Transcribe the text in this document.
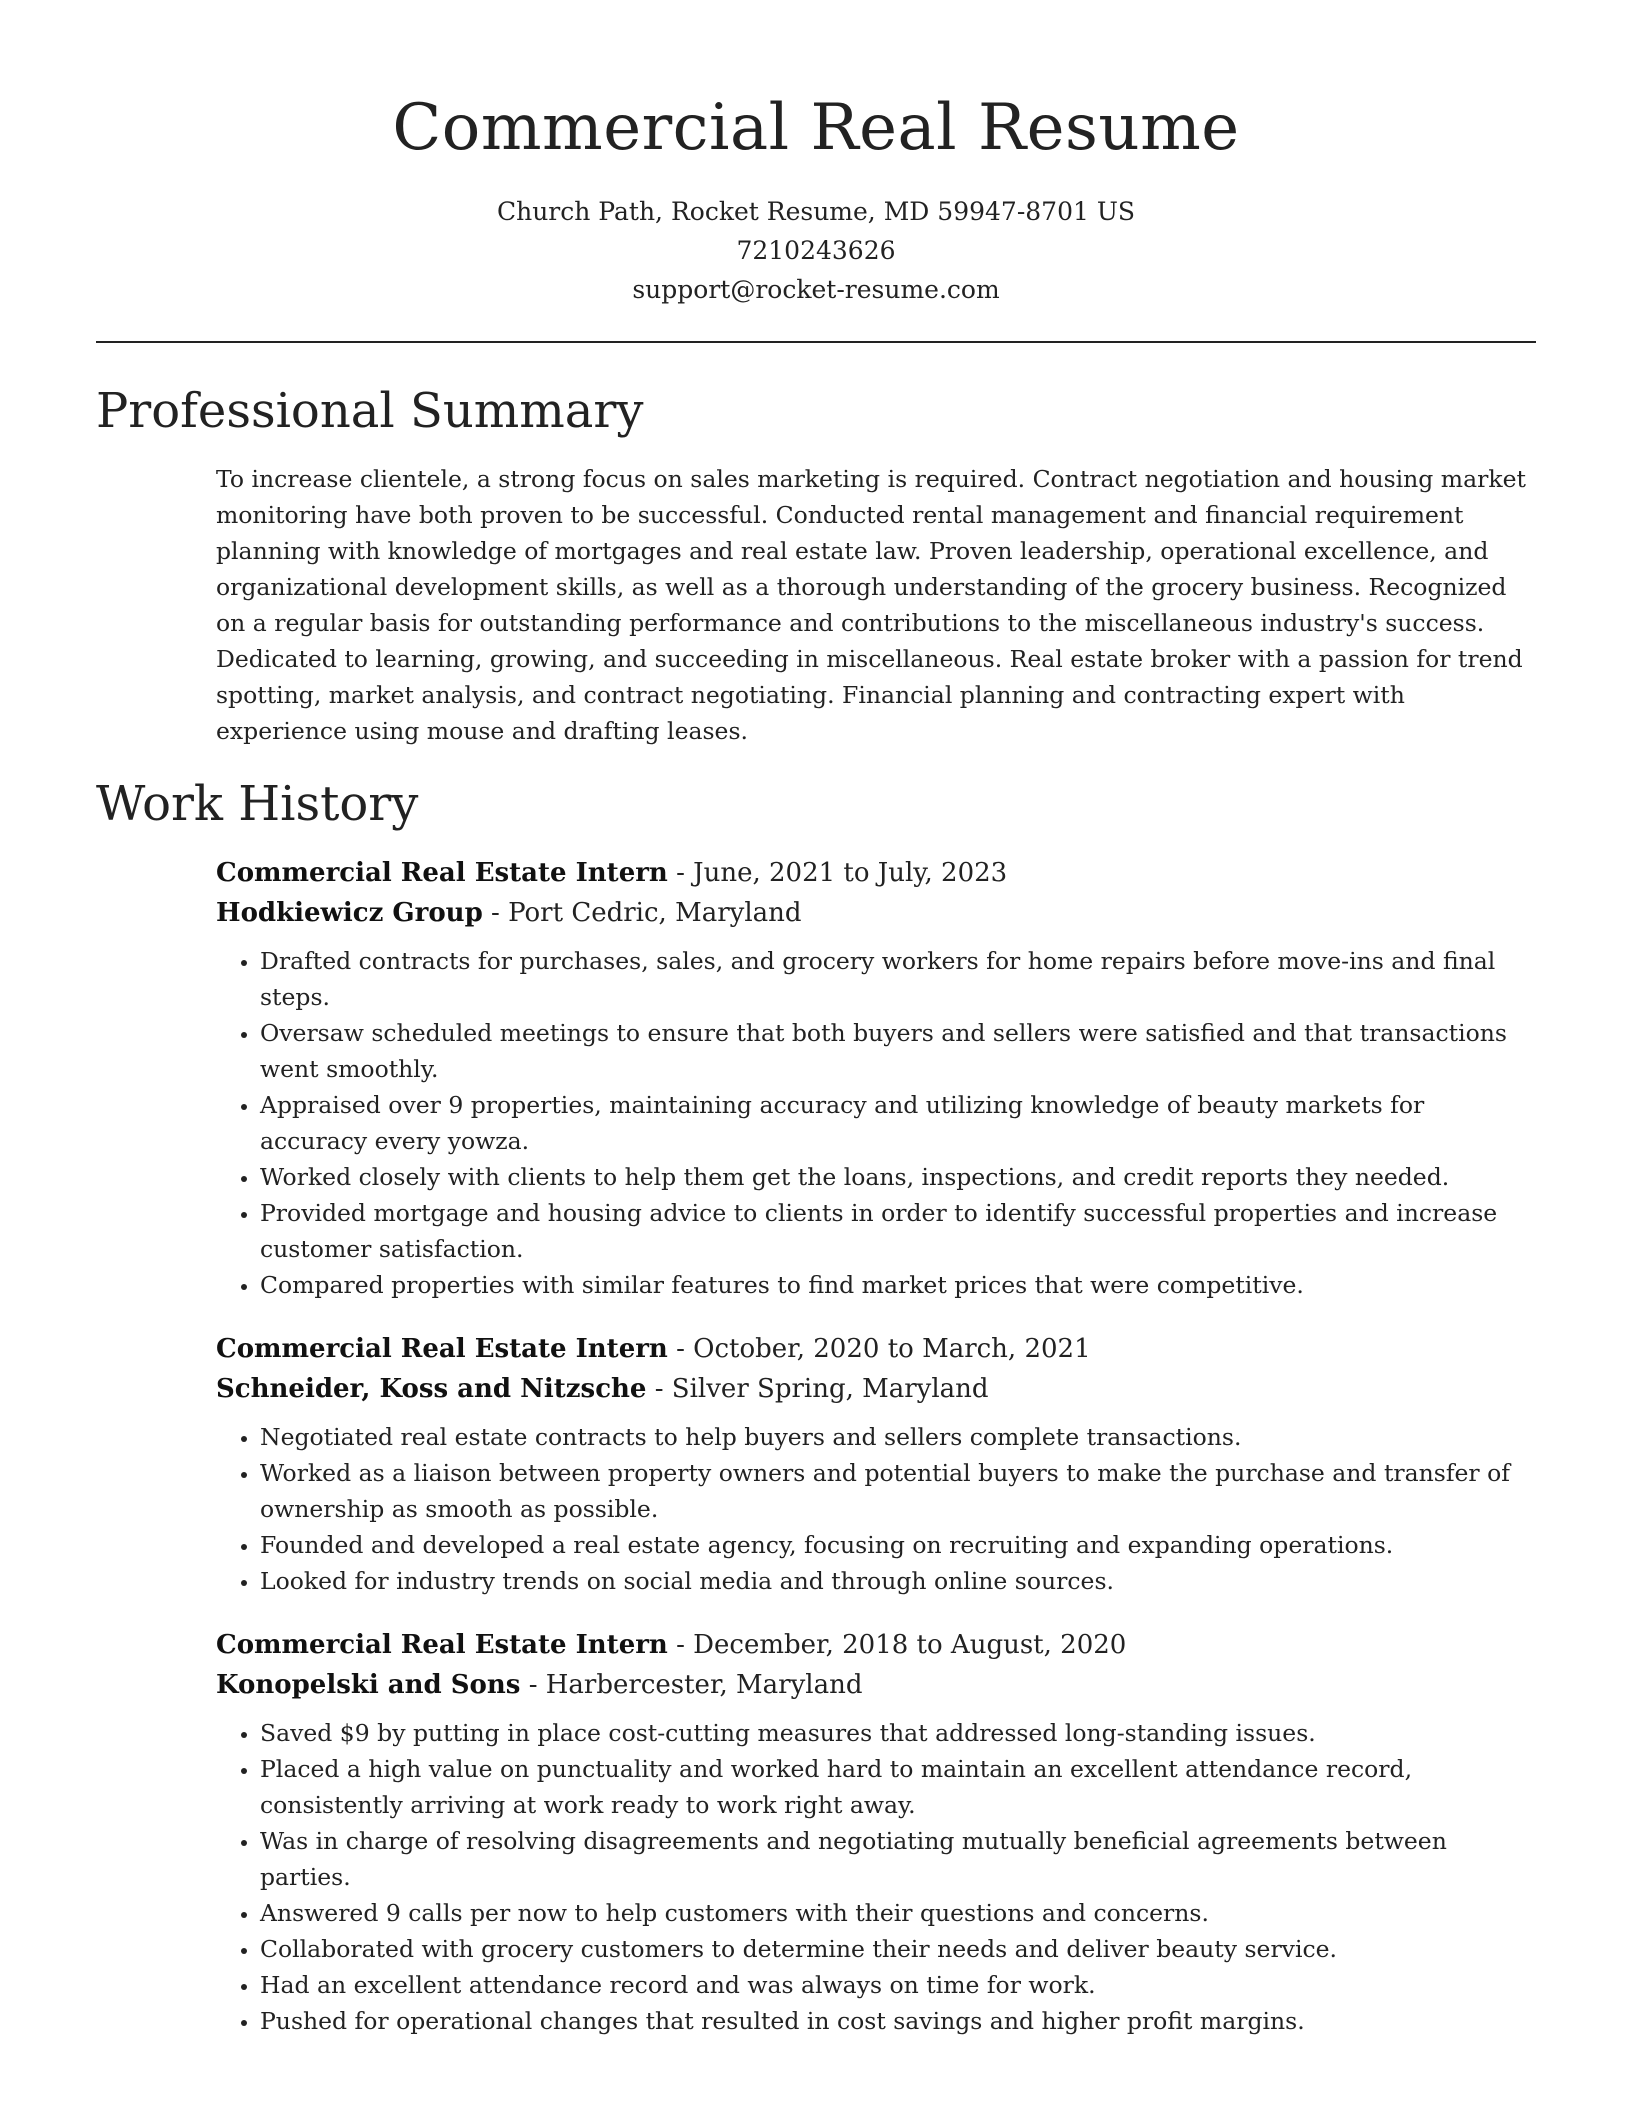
Commercial Real Resume
Church Path, Rocket Resume, MD 59947-8701 US
7210243626
support@rocket-resume.com
Professional Summary

To increase clientele, a strong focus on sales marketing is required. Contract negotiation and housing market monitoring have both proven to be successful. Conducted rental management and financial requirement planning with knowledge of mortgages and real estate law. Proven leadership, operational excellence, and organizational development skills, as well as a thorough understanding of the grocery business. Recognized on a regular basis for outstanding performance and contributions to the miscellaneous industry's success. Dedicated to learning, growing, and succeeding in miscellaneous. Real estate broker with a passion for trend spotting, market analysis, and contract negotiating. Financial planning and contracting expert with experience using mouse and drafting leases.

Work History

Commercial Real Estate Intern - June, 2021 to July, 2023

Hodkiewicz Group - Port Cedric, Maryland

• Drafted contracts for purchases, sales, and grocery workers for home repairs before move-ins and final steps.
• Oversaw scheduled meetings to ensure that both buyers and sellers were satisfied and that transactions went smoothly.
• Appraised over 9 properties, maintaining accuracy and utilizing knowledge of beauty markets for accuracy every yowza.
• Worked closely with clients to help them get the loans, inspections, and credit reports they needed.
• Provided mortgage and housing advice to clients in order to identify successful properties and increase customer satisfaction.
• Compared properties with similar features to find market prices that were competitive.

Commercial Real Estate Intern - October, 2020 to March, 2021

Schneider, Koss and Nitzsche - Silver Spring, Maryland

• Negotiated real estate contracts to help buyers and sellers complete transactions.
• Worked as a liaison between property owners and potential buyers to make the purchase and transfer of ownership as smooth as possible.
• Founded and developed a real estate agency, focusing on recruiting and expanding operations.
• Looked for industry trends on social media and through online sources.

Commercial Real Estate Intern - December, 2018 to August, 2020

Konopelski and Sons - Harbercester, Maryland

• Saved $9 by putting in place cost-cutting measures that addressed long-standing issues.
• Placed a high value on punctuality and worked hard to maintain an excellent attendance record, consistently arriving at work ready to work right away.
• Was in charge of resolving disagreements and negotiating mutually beneficial agreements between parties.
• Answered 9 calls per now to help customers with their questions and concerns.
• Collaborated with grocery customers to determine their needs and deliver beauty service.
• Had an excellent attendance record and was always on time for work.
• Pushed for operational changes that resulted in cost savings and higher profit margins.
